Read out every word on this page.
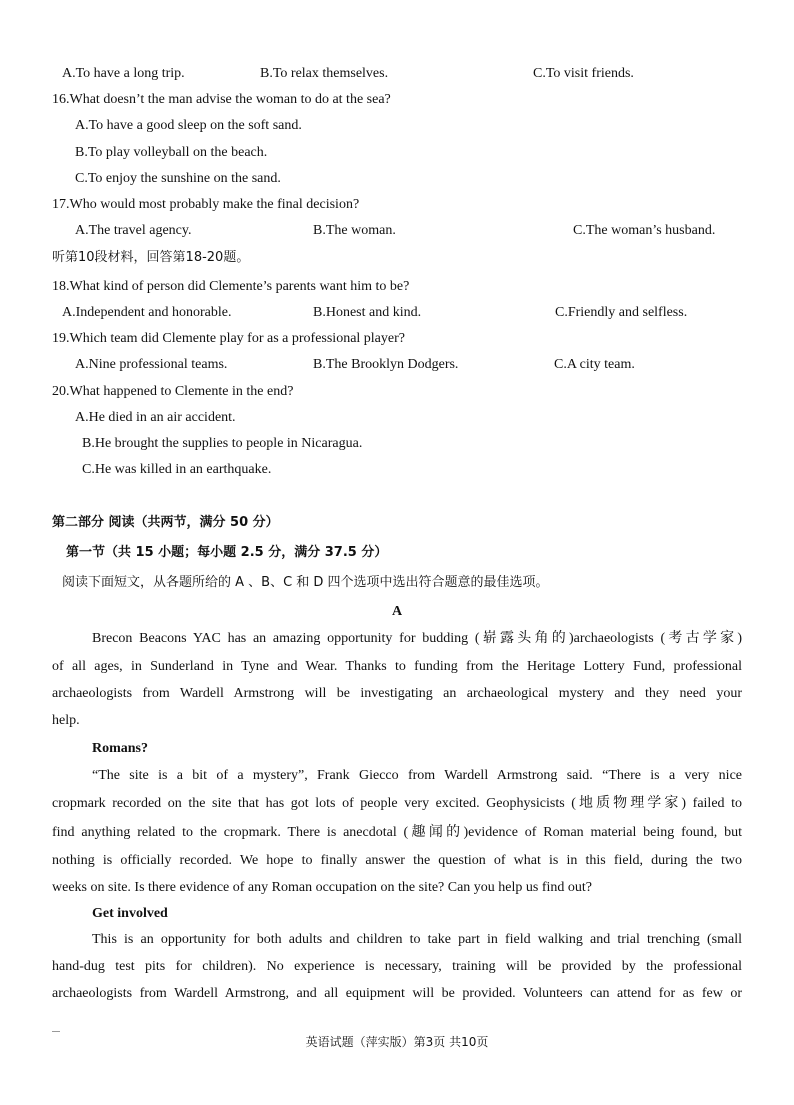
A.To have a long trip.	B.To relax themselves.	C.To visit friends.
16.What doesn’t the man advise the woman to do at the sea?
A.To have a good sleep on the soft sand.
B.To play volleyball on the beach.
C.To enjoy the sunshine on the sand.
17.Who would most probably make the final decision?
A.The travel agency.	B.The woman.	C.The woman’s husband.
听第10段材料，回答第18-20题。
18.What kind of person did Clemente’s parents want him to be?
A.Independent and honorable.	B.Honest and kind.	C.Friendly and selfless.
19.Which team did Clemente play for as a professional player?
A.Nine professional teams.	B.The Brooklyn Dodgers.	C.A city team.
20.What happened to Clemente in the end?
A.He died in an air accident.
B.He brought the supplies to people in Nicaragua.
C.He was killed in an earthquake.
第二部分 阅读（共两节，满分 50 分）
第一节（共 15 小题；每小题 2.5 分，满分 37.5 分）
阅读下面短文，从各题所给的 A 、B、C 和 D 四个选项中选出符合题意的最佳选项。
A
Brecon Beacons YAC has an amazing opportunity for budding (崭露头角的)archaeologists (考古学家)
of all ages, in Sunderland in Tyne and Wear. Thanks to funding from the Heritage Lottery Fund, professional
archaeologists from Wardell Armstrong will be investigating an archaeological mystery and they need your
help.
Romans?
“The site is a bit of a mystery”, Frank Giecco from Wardell Armstrong said. “There is a very nice
cropmark recorded on the site that has got lots of people very excited. Geophysicists (地质物理学家) failed to
find anything related to the cropmark. There is anecdotal (趣闻的)evidence of Roman material being found, but
nothing is officially recorded. We hope to finally answer the question of what is in this field, during the two
weeks on site. Is there evidence of any Roman occupation on the site? Can you help us find out?
Get involved
This is an opportunity for both adults and children to take part in field walking and trial trenching (small
hand-dug test pits for children). No experience is necessary, training will be provided by the professional
archaeologists from Wardell Armstrong, and all equipment will be provided. Volunteers can attend for as few or
英语试题（萍实版）第3页 共10页
